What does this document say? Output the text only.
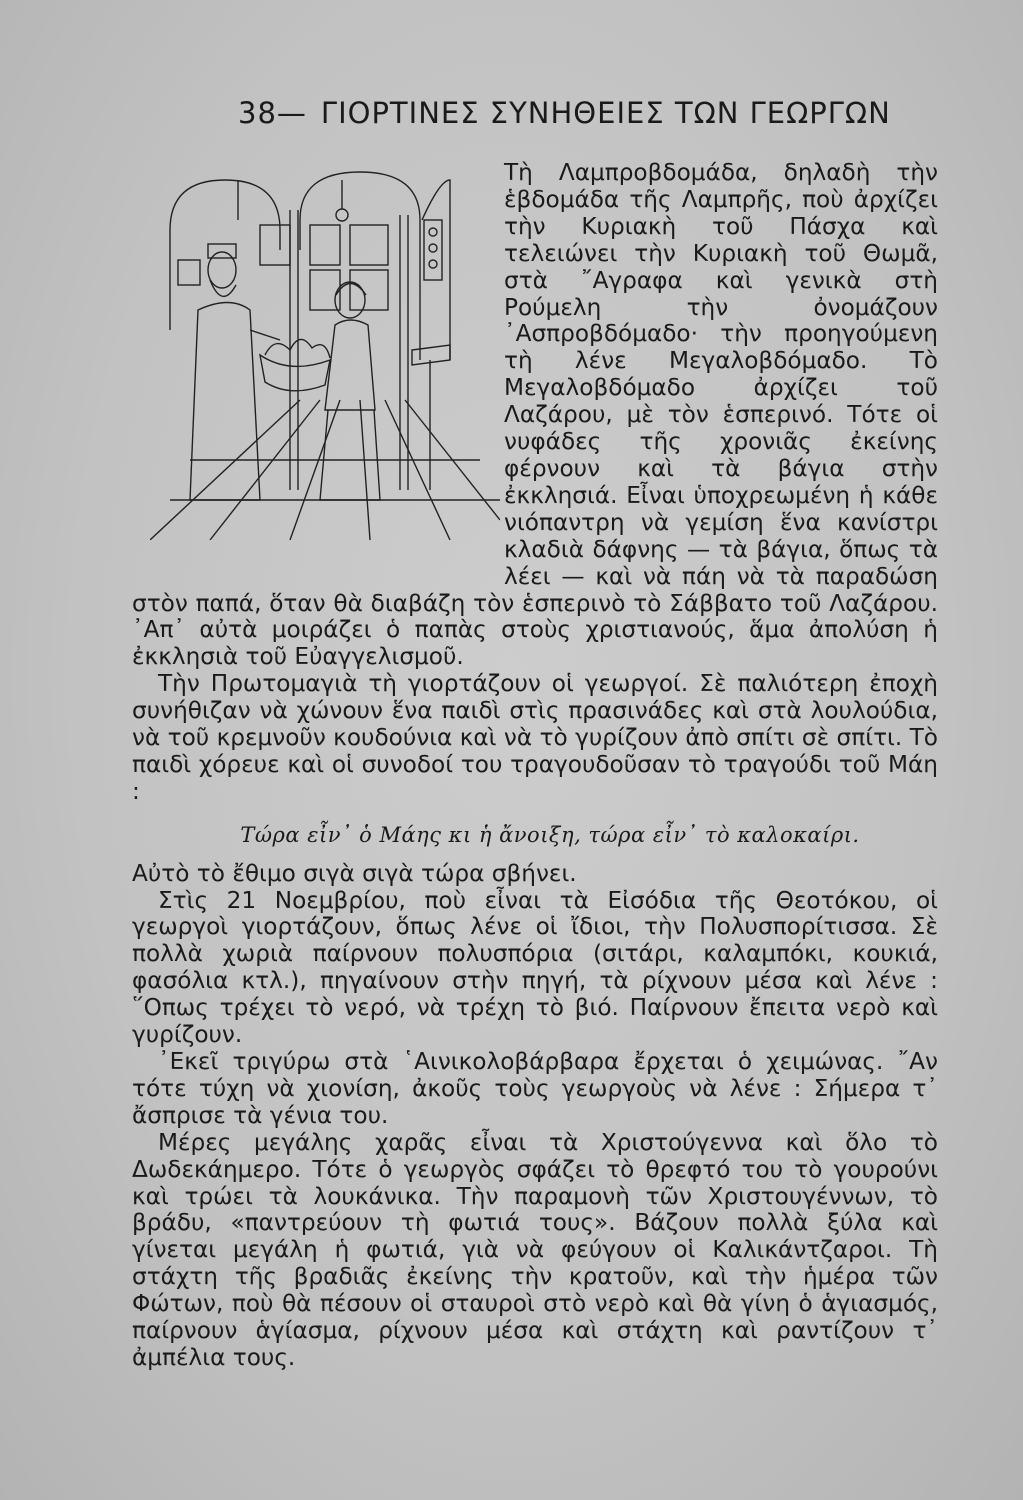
38— ΓΙΟΡΤΙΝΕΣ ΣΥΝΗΘΕΙΕΣ ΤΩΝ ΓΕΩΡΓΩΝ

Τὴ Λαμπροβδομάδα, δηλαδὴ τὴν ἑβδομάδα τῆς Λαμπρῆς, ποὺ ἀρχίζει τὴν Κυριακὴ τοῦ Πάσχα καὶ τελειώνει τὴν Κυριακὴ τοῦ Θωμᾶ, στὰ ῎Αγραφα καὶ γενικὰ στὴ Ρούμελη τὴν ὀνομάζουν ᾿Ασπροβδόμαδο· τὴν προηγούμενη τὴ λένε Μεγαλοβδόμαδο. Τὸ Μεγαλοβδόμαδο ἀρχίζει τοῦ Λαζάρου, μὲ τὸν ἑσπερινό. Τότε οἱ νυφάδες τῆς χρονιᾶς ἐκείνης φέρνουν καὶ τὰ βάγια στὴν ἐκκλησιά. Εἶναι ὑποχρεωμένη ἡ κάθε νιόπαντρη νὰ γεμίση ἕνα κανίστρι κλαδιὰ δάφνης — τὰ βάγια, ὅπως τὰ λέει — καὶ νὰ πάη νὰ τὰ παραδώση στὸν παπά, ὅταν θὰ διαβάζη τὸν ἑσπερινὸ τὸ Σάββατο τοῦ Λαζάρου. ᾿Απ᾿ αὐτὰ μοιράζει ὁ παπὰς στοὺς χριστιανούς, ἅμα ἀπολύση ἡ ἐκκλησιὰ τοῦ Εὐαγγελισμοῦ.

Τὴν Πρωτομαγιὰ τὴ γιορτάζουν οἱ γεωργοί. Σὲ παλιότερη ἐποχὴ συνήθιζαν νὰ χώνουν ἕνα παιδὶ στὶς πρασινάδες καὶ στὰ λουλούδια, νὰ τοῦ κρεμνοῦν κουδούνια καὶ νὰ τὸ γυρίζουν ἀπὸ σπίτι σὲ σπίτι. Τὸ παιδὶ χόρευε καὶ οἱ συνοδοί του τραγουδοῦσαν τὸ τραγούδι τοῦ Μάη :

Τώρα εἶν᾿ ὁ Μάης κι ἡ ἄνοιξη, τώρα εἶν᾿ τὸ καλοκαίρι.

Αὐτὸ τὸ ἔθιμο σιγὰ σιγὰ τώρα σβήνει.

Στὶς 21 Νοεμβρίου, ποὺ εἶναι τὰ Εἰσόδια τῆς Θεοτόκου, οἱ γεωργοὶ γιορτάζουν, ὅπως λένε οἱ ἴδιοι, τὴν Πολυσπορίτισσα. Σὲ πολλὰ χωριὰ παίρνουν πολυσπόρια (σιτάρι, καλαμπόκι, κουκιά, φασόλια κτλ.), πηγαίνουν στὴν πηγή, τὰ ρίχνουν μέσα καὶ λένε : ῞Οπως τρέχει τὸ νερό, νὰ τρέχη τὸ βιό. Παίρνουν ἔπειτα νερὸ καὶ γυρίζουν.

᾿Εκεῖ τριγύρω στὰ ῾Αινικολοβάρβαρα ἔρχεται ὁ χειμώνας. ῎Αν τότε τύχη νὰ χιονίση, ἀκοῦς τοὺς γεωργοὺς νὰ λένε : Σήμερα τ᾿ ἄσπρισε τὰ γένια του.

Μέρες μεγάλης χαρᾶς εἶναι τὰ Χριστούγεννα καὶ ὅλο τὸ Δωδεκάημερο. Τότε ὁ γεωργὸς σφάζει τὸ θρεφτό του τὸ γουρούνι καὶ τρώει τὰ λουκάνικα. Τὴν παραμονὴ τῶν Χριστουγέννων, τὸ βράδυ, «παντρεύουν τὴ φωτιά τους». Βάζουν πολλὰ ξύλα καὶ γίνεται μεγάλη ἡ φωτιά, γιὰ νὰ φεύγουν οἱ Καλικάντζαροι. Τὴ στάχτη τῆς βραδιᾶς ἐκείνης τὴν κρατοῦν, καὶ τὴν ἡμέρα τῶν Φώτων, ποὺ θὰ πέσουν οἱ σταυροὶ στὸ νερὸ καὶ θὰ γίνη ὁ ἁγιασμός, παίρνουν ἁγίασμα, ρίχνουν μέσα καὶ στάχτη καὶ ραντίζουν τ᾿ ἀμπέλια τους.
